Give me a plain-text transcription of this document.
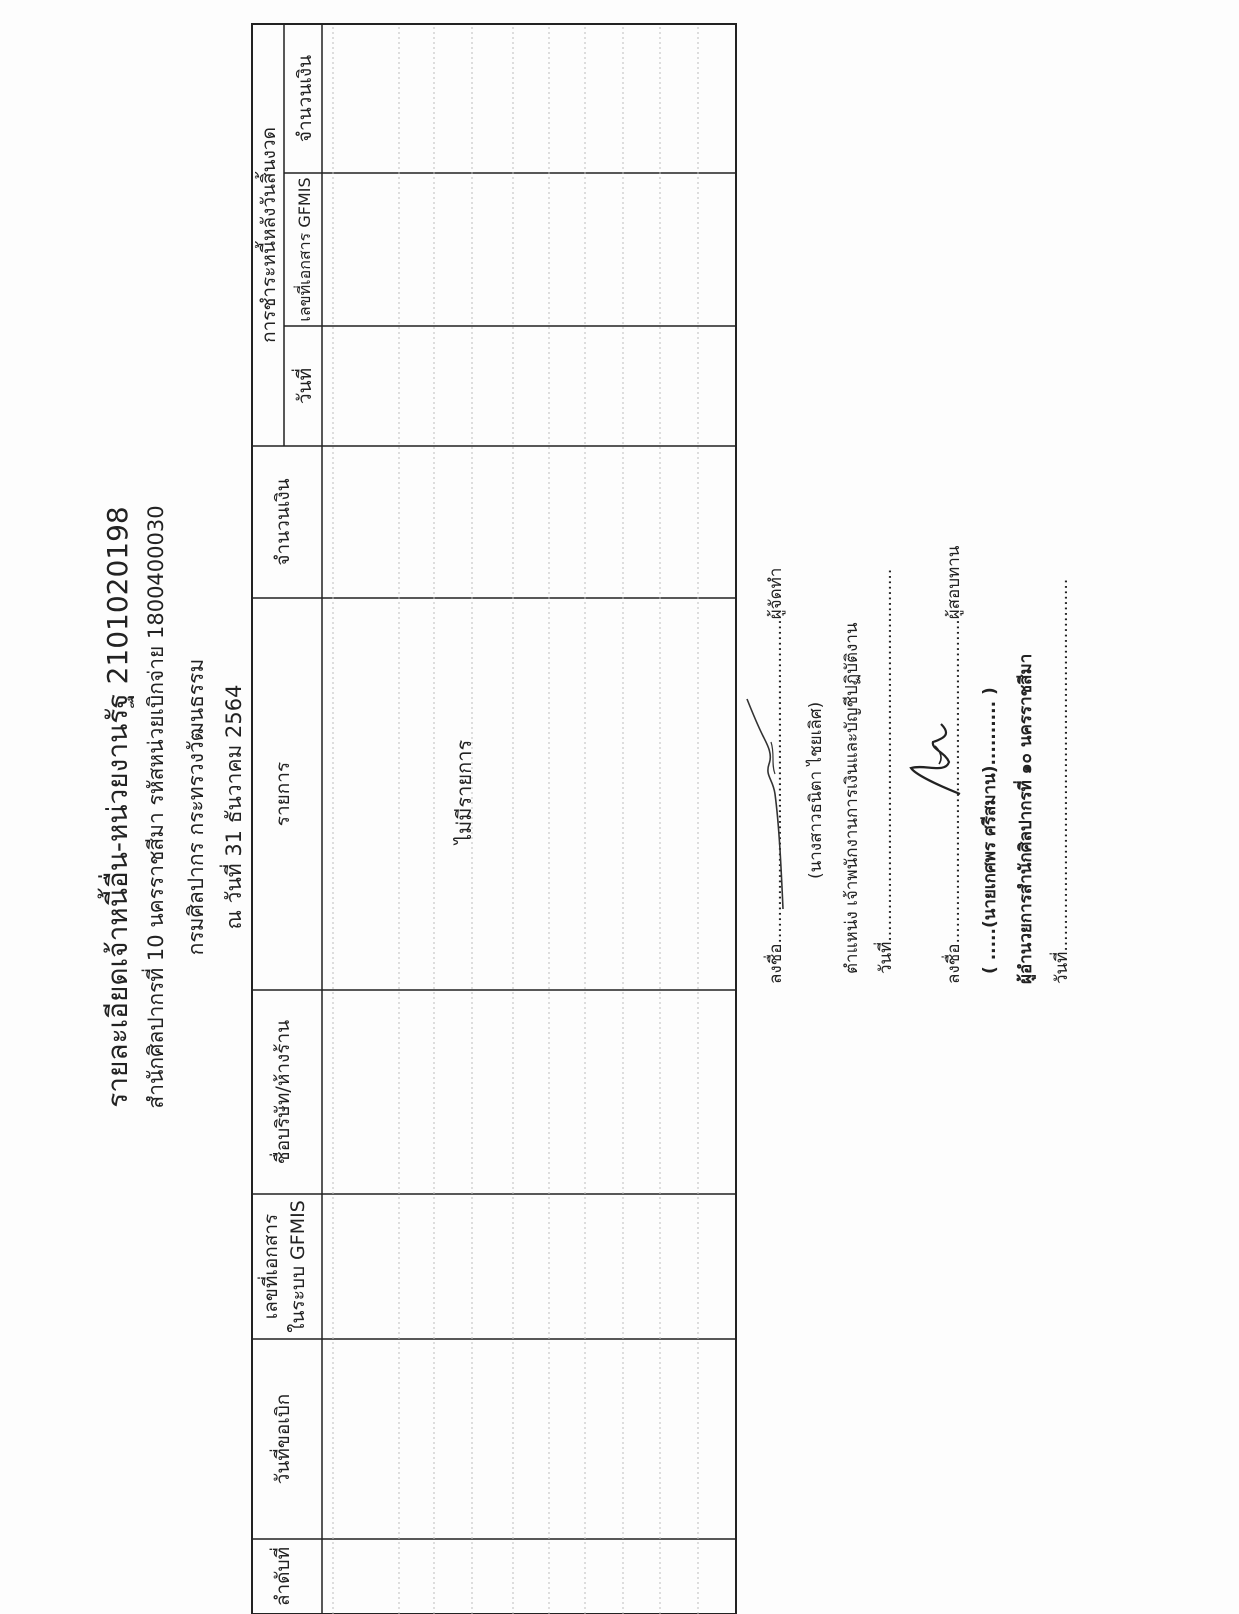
รายละเอียดเจ้าหนี้อื่น-หน่วยงานรัฐ 2101020198 สำนักศิลปากรที่ 10 นครราชสีมา รหัสหน่วยเบิกจ่าย 1800400030 กรมศิลปากร กระทรวงวัฒนธรรม ณ วันที่ 31 ธันวาคม 2564
ลำดับที่
วันที่ขอเบิก
เลขที่เอกสาร ในระบบ GFMIS
ชื่อบริษัท/ห้างร้าน
รายการ
จำนวนเงิน
การชำระหนี้หลังวันสิ้นงวด
วันที่
เลขที่เอกสาร GFMIS
จำนวนเงิน
ไม่มีรายการ	ลงชื่อ............................................................ผู้จัดทำ (นางสาวธนิตา ไชยเลิศ) ตำแหน่ง เจ้าพนักงานการเงินและบัญชีปฏิบัติงาน วันที่.....................................................................	ลงชื่อ............................................................ผู้สอบทาน ( .....(นายเกศพร ศรีสมาน).......... ) ผู้อำนวยการสำนักศิลปากรที่ ๑๐ นครราชสีมา วันที่.....................................................................
